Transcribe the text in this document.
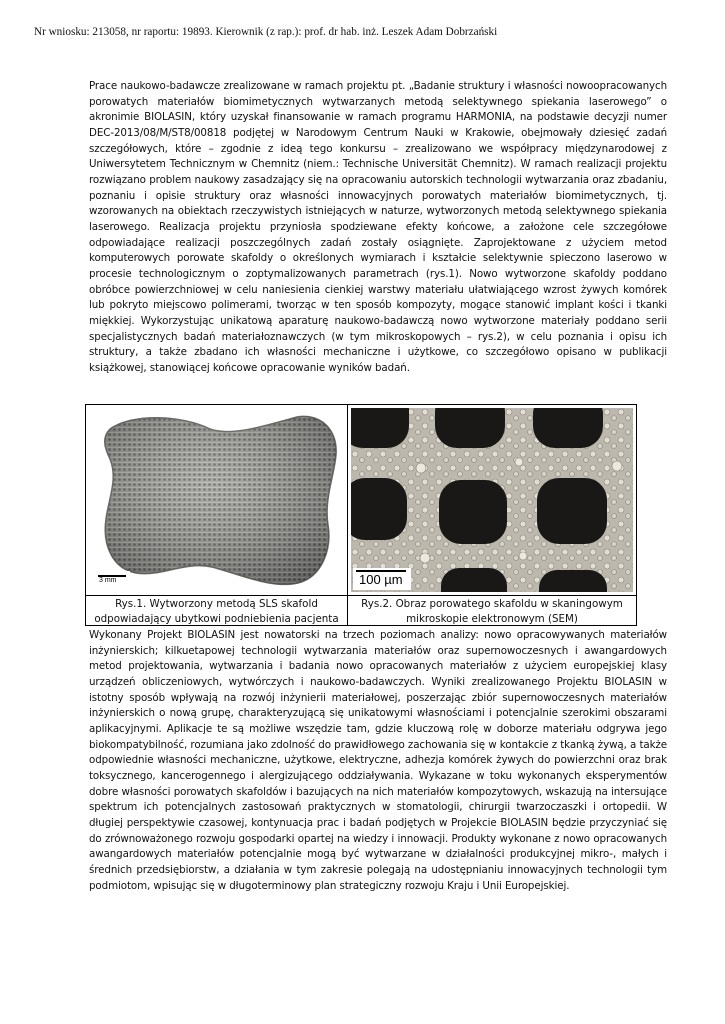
Nr wniosku: 213058, nr raportu: 19893. Kierownik (z rap.): prof. dr hab. inż. Leszek Adam Dobrzański
Prace naukowo-badawcze zrealizowane w ramach projektu pt. „Badanie struktury i własności nowoopracowanych porowatych materiałów biomimetycznych wytwarzanych metodą selektywnego spiekania laserowego” o akronimie BIOLASIN, który uzyskał finansowanie w ramach programu HARMONIA, na podstawie decyzji numer DEC-2013/08/M/ST8/00818 podjętej w Narodowym Centrum Nauki w Krakowie, obejmowały dziesięć zadań szczegółowych, które – zgodnie z ideą tego konkursu – zrealizowano we współpracy międzynarodowej z Uniwersytetem Technicznym w Chemnitz (niem.: Technische Universität Chemnitz). W ramach realizacji projektu rozwiązano problem naukowy zasadzający się na opracowaniu autorskich technologii wytwarzania oraz zbadaniu, poznaniu i opisie struktury oraz własności innowacyjnych porowatych materiałów biomimetycznych, tj. wzorowanych na obiektach rzeczywistych istniejących w naturze, wytworzonych metodą selektywnego spiekania laserowego. Realizacja projektu przyniosła spodziewane efekty końcowe, a założone cele szczegółowe odpowiadające realizacji poszczególnych zadań zostały osiągnięte. Zaprojektowane z użyciem metod komputerowych porowate skafoldy o określonych wymiarach i kształcie selektywnie spieczono laserowo w procesie technologicznym o zoptymalizowanych parametrach (rys.1). Nowo wytworzone skafoldy poddano obróbce powierzchniowej w celu naniesienia cienkiej warstwy materiału ułatwiającego wzrost żywych komórek lub pokryto miejscowo polimerami, tworząc w ten sposób kompozyty, mogące stanowić implant kości i tkanki miękkiej. Wykorzystując unikatową aparaturę naukowo-badawczą nowo wytworzone materiały poddano serii specjalistycznych badań materiałoznawczych (w tym mikroskopowych – rys.2), w celu poznania i opisu ich struktury, a także zbadano ich własności mechaniczne i użytkowe, co szczegółowo opisano w publikacji książkowej, stanowiącej końcowe opracowanie wyników badań.
3 mm	100 µm
Rys.1. Wytworzony metodą SLS skafold odpowiadający ubytkowi podniebienia pacjenta
Rys.2. Obraz porowatego skafoldu w skaningowym mikroskopie elektronowym (SEM)
Wykonany Projekt BIOLASIN jest nowatorski na trzech poziomach analizy: nowo opracowywanych materiałów inżynierskich; kilkuetapowej technologii wytwarzania materiałów oraz supernowoczesnych i awangardowych metod projektowania, wytwarzania i badania nowo opracowanych materiałów z użyciem europejskiej klasy urządzeń obliczeniowych, wytwórczych i naukowo-badawczych. Wyniki zrealizowanego Projektu BIOLASIN w istotny sposób wpływają na rozwój inżynierii materiałowej, poszerzając zbiór supernowoczesnych materiałów inżynierskich o nową grupę, charakteryzującą się unikatowymi własnościami i potencjalnie szerokimi obszarami aplikacyjnymi. Aplikacje te są możliwe wszędzie tam, gdzie kluczową rolę w doborze materiału odgrywa jego biokompatybilność, rozumiana jako zdolność do prawidłowego zachowania się w kontakcie z tkanką żywą, a także odpowiednie własności mechaniczne, użytkowe, elektryczne, adhezja komórek żywych do powierzchni oraz brak toksycznego, kancerogennego i alergizującego oddziaływania. Wykazane w toku wykonanych eksperymentów dobre własności porowatych skafoldów i bazujących na nich materiałów kompozytowych, wskazują na intersujące spektrum ich potencjalnych zastosowań praktycznych w stomatologii, chirurgii twarzoczaszki i ortopedii. W długiej perspektywie czasowej, kontynuacja prac i badań podjętych w Projekcie BIOLASIN będzie przyczyniać się do zrównoważonego rozwoju gospodarki opartej na wiedzy i innowacji. Produkty wykonane z nowo opracowanych awangardowych materiałów potencjalnie mogą być wytwarzane w działalności produkcyjnej mikro-, małych i średnich przedsiębiorstw, a działania w tym zakresie polegają na udostępnianiu innowacyjnych technologii tym podmiotom, wpisując się w długoterminowy plan strategiczny rozwoju Kraju i Unii Europejskiej.
